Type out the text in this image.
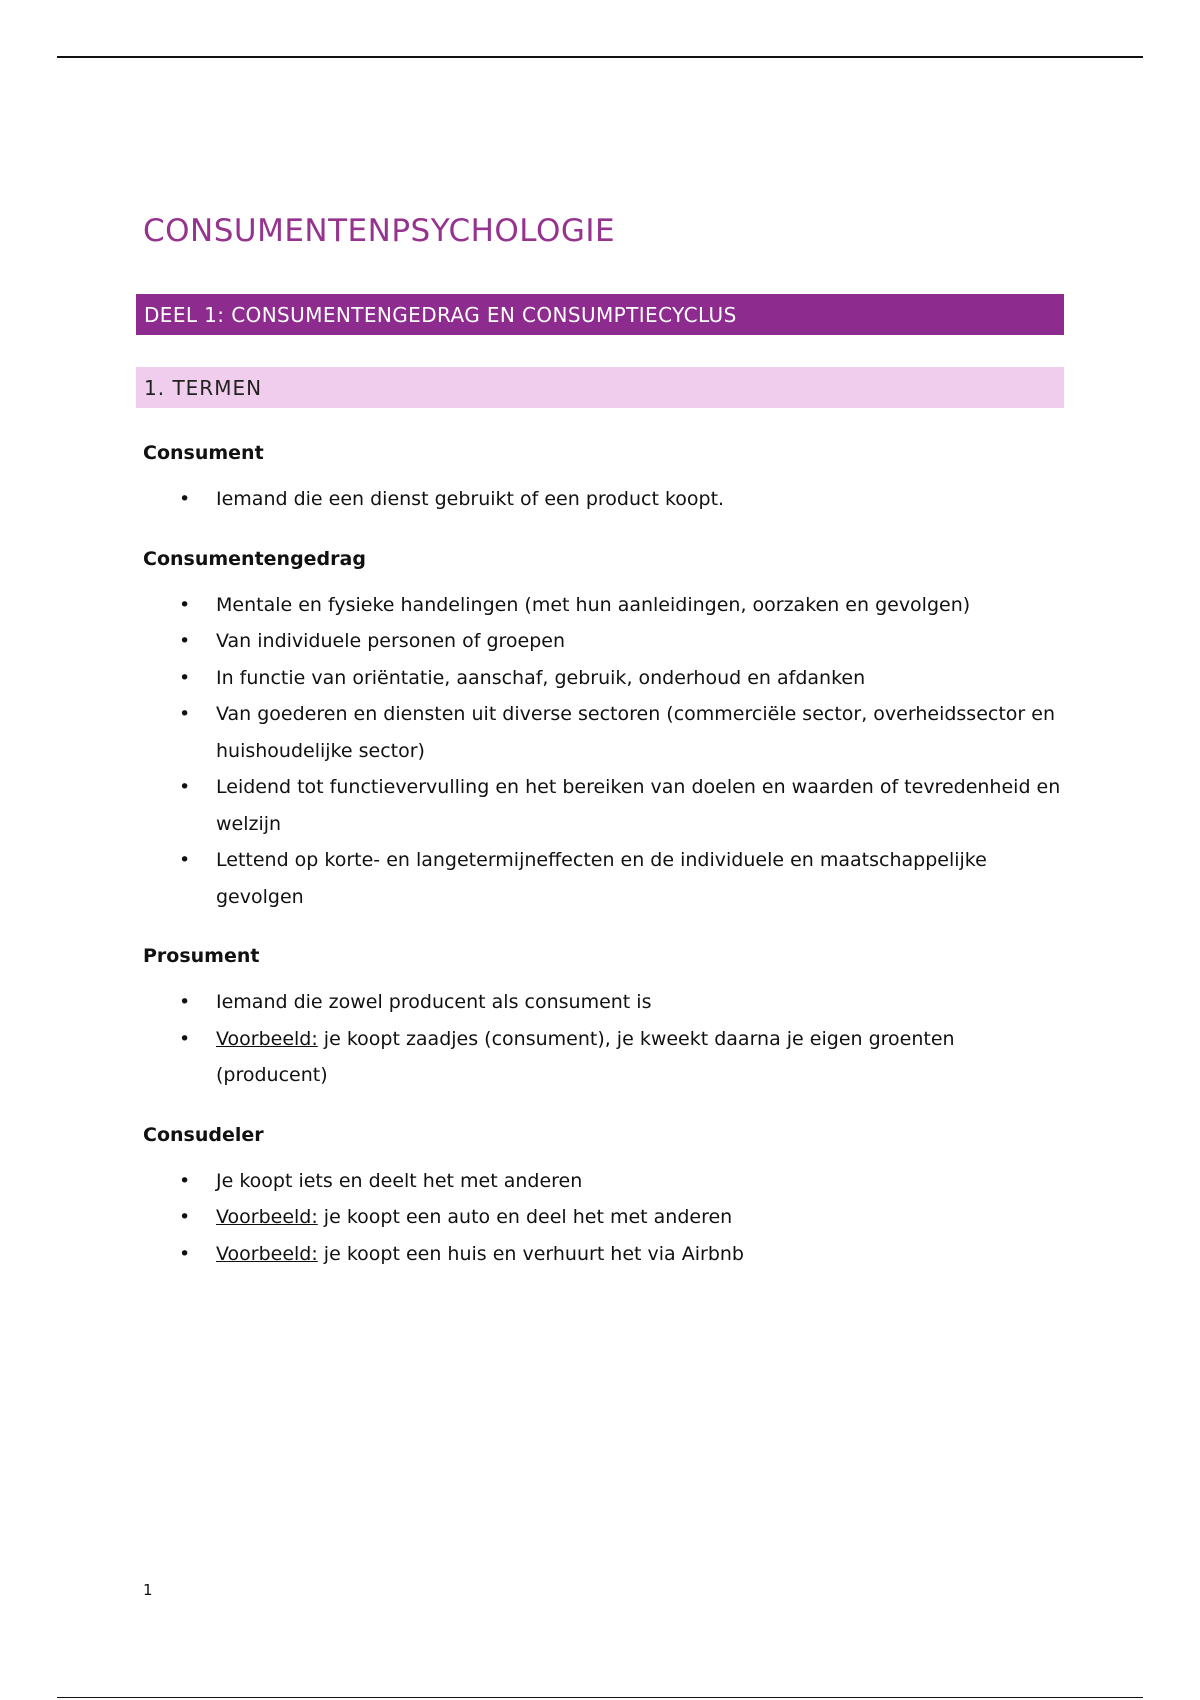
CONSUMENTENPSYCHOLOGIE
DEEL 1: CONSUMENTENGEDRAG EN CONSUMPTIECYCLUS
1. TERMEN
Consument
• Iemand die een dienst gebruikt of een product koopt.
Consumentengedrag
• Mentale en fysieke handelingen (met hun aanleidingen, oorzaken en gevolgen)
• Van individuele personen of groepen
• In functie van oriëntatie, aanschaf, gebruik, onderhoud en afdanken
• Van goederen en diensten uit diverse sectoren (commerciële sector, overheidssector en huishoudelijke sector)
• Leidend tot functievervulling en het bereiken van doelen en waarden of tevredenheid en welzijn
• Lettend op korte- en langetermijneffecten en de individuele en maatschappelijke gevolgen
Prosument
• Iemand die zowel producent als consument is
• Voorbeeld: je koopt zaadjes (consument), je kweekt daarna je eigen groenten (producent)
Consudeler
• Je koopt iets en deelt het met anderen
• Voorbeeld: je koopt een auto en deel het met anderen
• Voorbeeld: je koopt een huis en verhuurt het via Airbnb
1
